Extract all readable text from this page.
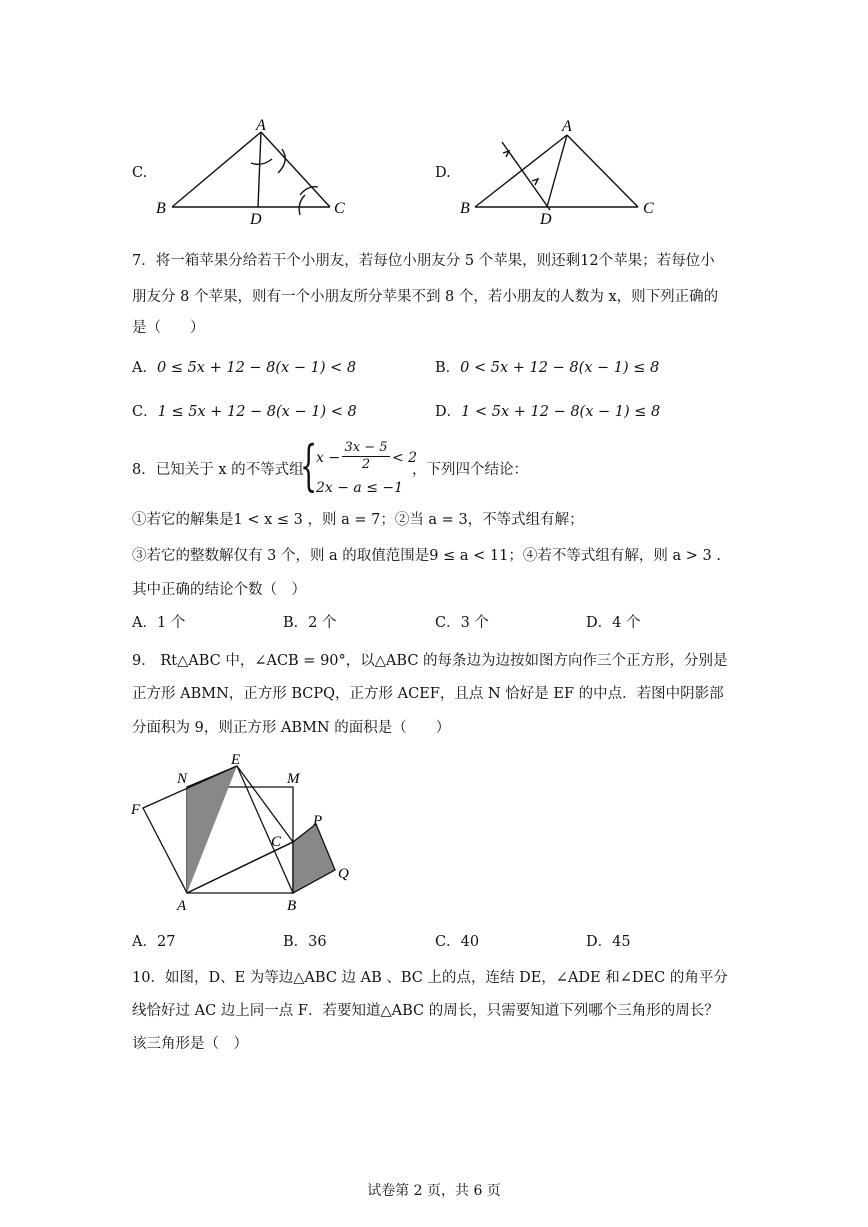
C.
A
B	C
D
D.
A
B	C
D
7．将一箱苹果分给若干个小朋友，若每位小朋友分 5 个苹果，则还剩12个苹果；若每位小
朋友分 8 个苹果，则有一个小朋友所分苹果不到 8 个，若小朋友的人数为 x，则下列正确的
是（　　）
A．0 ≤ 5x + 12 − 8(x − 1) < 8	B．0 < 5x + 12 − 8(x − 1) ≤ 8
C．1 ≤ 5x + 12 − 8(x − 1) < 8	D．1 < 5x + 12 − 8(x − 1) ≤ 8
8．已知关于 x 的不等式组
{
$x - \frac{3x - 5}{2} < 2$
2x − a ≤ −1
，下列四个结论：
①若它的解集是1 < x ≤ 3 ，则 a = 7；②当 a = 3，不等式组有解；
③若它的整数解仅有 3 个，则 a 的取值范围是9 ≤ a < 11；④若不等式组有解，则 a > 3 .
其中正确的结论个数（　）
A．1 个	B．2 个	C．3 个	D．4 个
9． Rt△ABC 中，∠ACB = 90°，以△ABC 的每条边为边按如图方向作三个正方形，分别是
正方形 ABMN，正方形 BCPQ，正方形 ACEF，且点 N 恰好是 EF 的中点．若图中阴影部
分面积为 9，则正方形 ABMN 的面积是（　　）
N
E
M
F
P
C
Q
A	B
A．27	B．36	C．40	D．45
10．如图，D、E 为等边△ABC 边 AB 、BC 上的点，连结 DE，∠ADE 和∠DEC 的角平分
线恰好过 AC 边上同一点 F．若要知道△ABC 的周长，只需要知道下列哪个三角形的周长？
该三角形是（　）
试卷第 2 页，共 6 页
